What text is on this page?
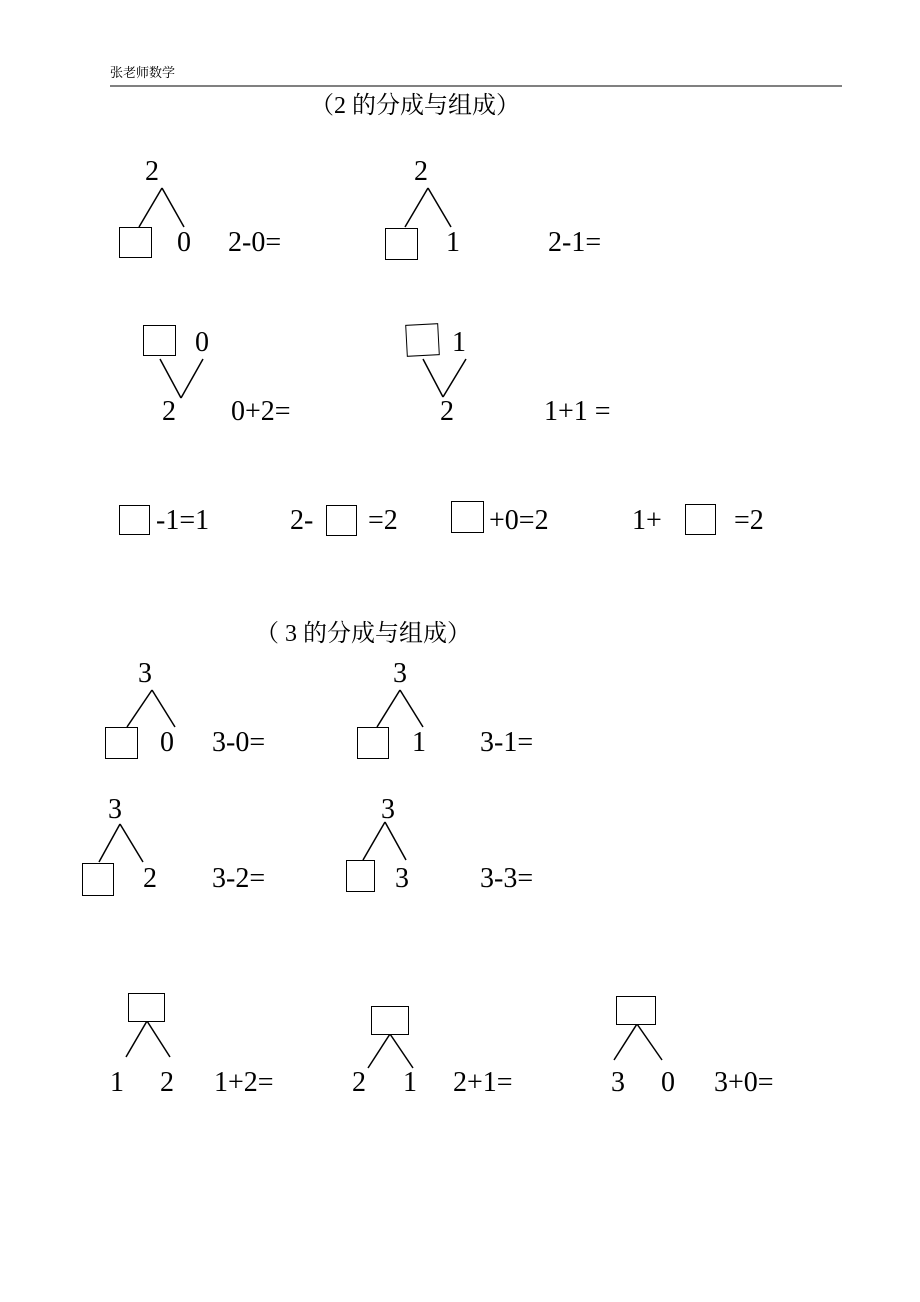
张老师数学
（2 的分成与组成）
2
0 2-0=
2
1	2-1=
0
2 0+2=
1
2	1+1 =
-1=1	2- =2	+0=2	1+	=2
（ 3 的分成与组成）
3
0 3-0=
3
1 3-1=
3
2 3-2=
3
3	3-3=
1 2 1+2=	2 1 2+1=	3 0 3+0=
